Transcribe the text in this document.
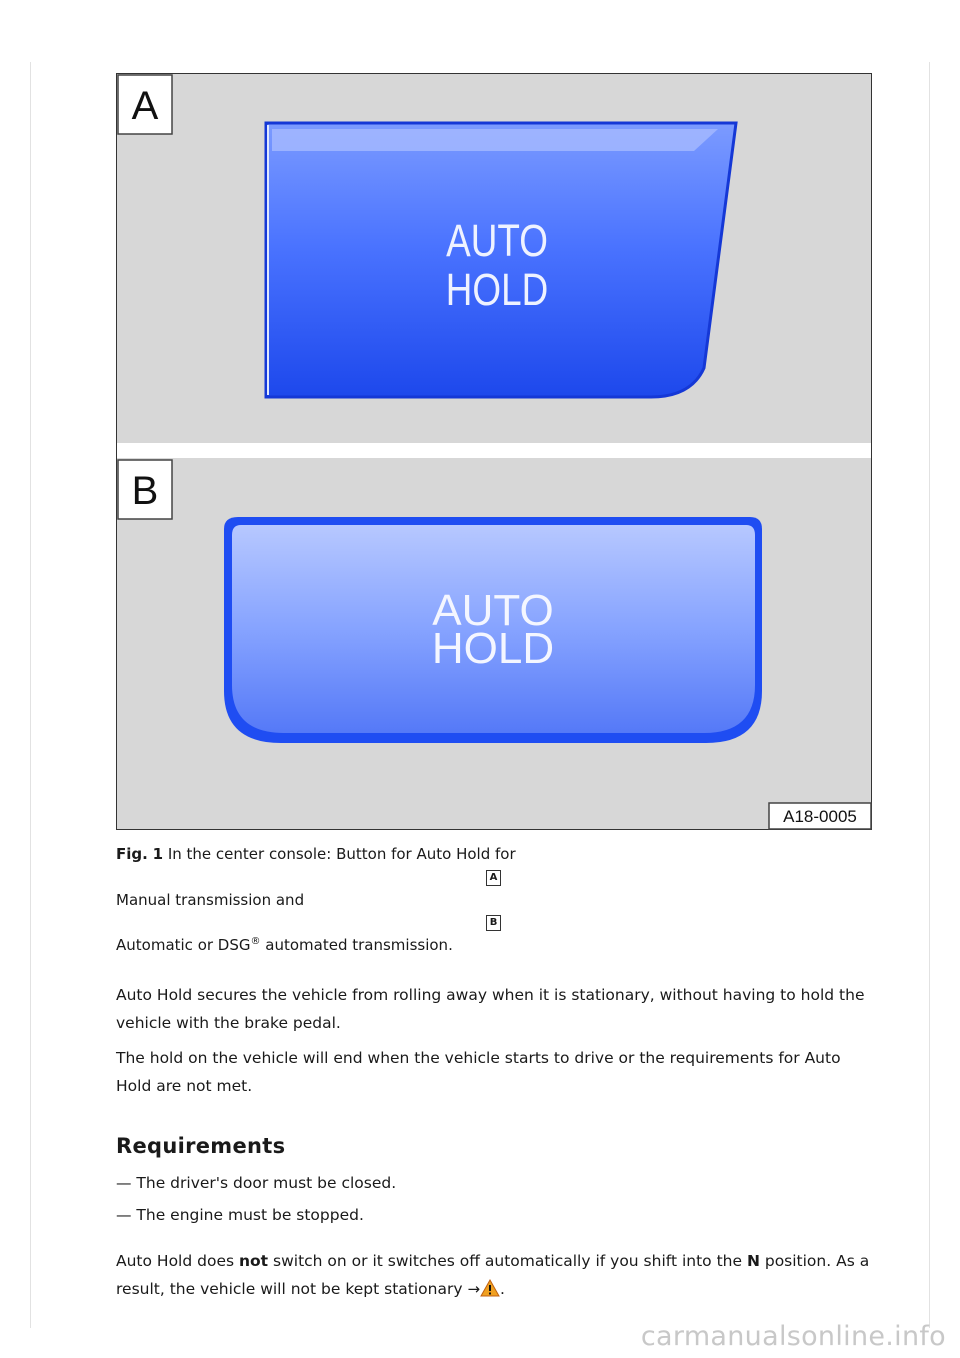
A
AUTO
HOLD
B
AUTO
HOLD
A18-0005
Fig. 1 In the center console: Button for Auto Hold for
A
Manual transmission and
B
Automatic or DSG® automated transmission.

Auto Hold secures the vehicle from rolling away when it is stationary, without having to hold the vehicle with the brake pedal.

The hold on the vehicle will end when the vehicle starts to drive or the requirements for Auto Hold are not met.

Requirements
— The driver's door must be closed.
— The engine must be stopped.

Auto Hold does not switch on or it switches off automatically if you shift into the N position. As a result, the vehicle will not be kept stationary → .

carmanualsonline.info
